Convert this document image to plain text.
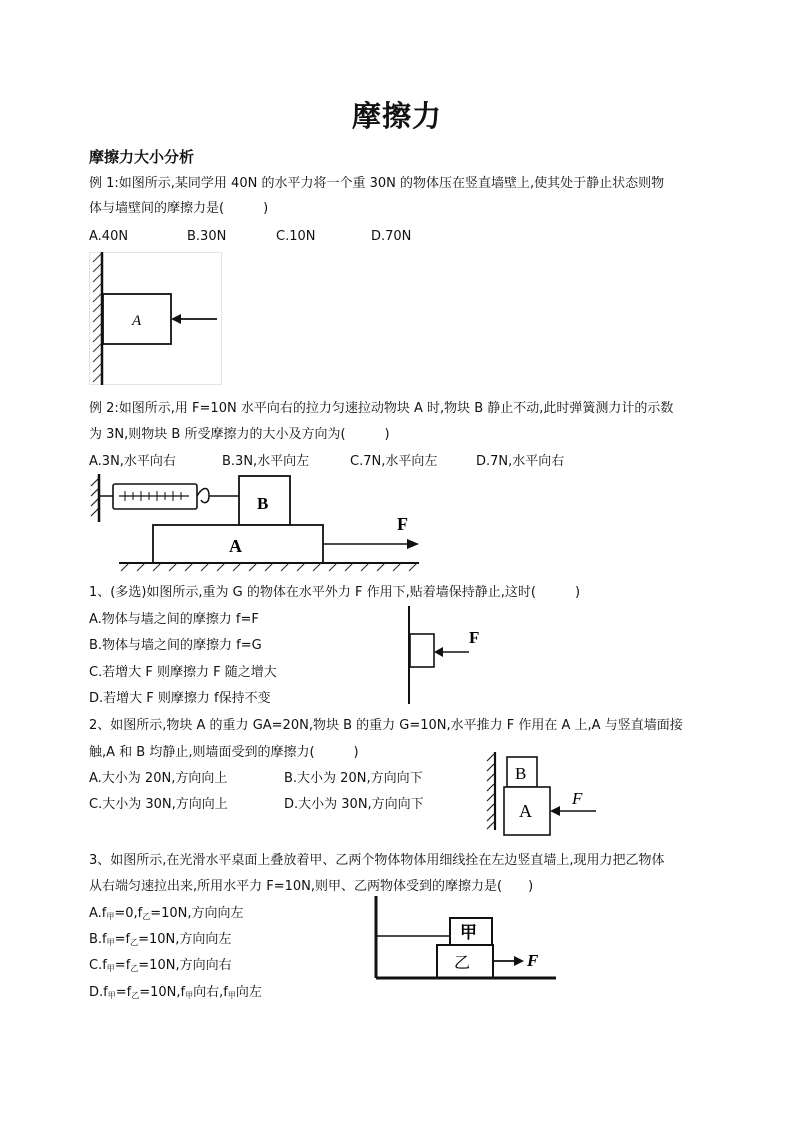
摩擦力
摩擦力大小分析
例 1:如图所示,某同学用 40N 的水平力将一个重 30N 的物体压在竖直墙壁上,使其处于静止状态则物
体与墙壁间的摩擦力是(　　　)
A.40N	B.30N	C.10N	D.70N
A
例 2:如图所示,用 F=10N 水平向右的拉力匀速拉动物块 A 时,物块 B 静止不动,此时弹簧测力计的示数
为 3N,则物块 B 所受摩擦力的大小及方向为(　　　)
A.3N,水平向右	B.3N,水平向左	C.7N,水平向左	D.7N,水平向右
B
A
F
1、(多选)如图所示,重为 G 的物体在水平外力 F 作用下,贴着墙保持静止,这时(　　　)
A.物体与墙之间的摩擦力 f=F
B.物体与墙之间的摩擦力 f=G
C.若增大 F 则摩擦力 F 随之增大
D.若增大 F 则摩擦力 f保持不变
F
2、如图所示,物块 A 的重力 GA=20N,物块 B 的重力 G=10N,水平推力 F 作用在 A 上,A 与竖直墙面接
触,A 和 B 均静止,则墙面受到的摩擦力(　　　)
A.大小为 20N,方向向上	B.大小为 20N,方向向下
C.大小为 30N,方向向上	D.大小为 30N,方向向下
B
A
F
3、如图所示,在光滑水平桌面上叠放着甲、乙两个物体物体用细线拴在左边竖直墙上,现用力把乙物体
从右端匀速拉出来,所用水平力 F=10N,则甲、乙两物体受到的摩擦力是(　　)
$A.f_甲=0,f_乙=10N$,方向向左
$B.f_甲=f_乙=10N$,方向向左
$C.f_甲=f_乙=10N$,方向向右
$D.f_甲=f_乙=10N,f_甲$向右$,f_甲$向左
甲
乙	F
